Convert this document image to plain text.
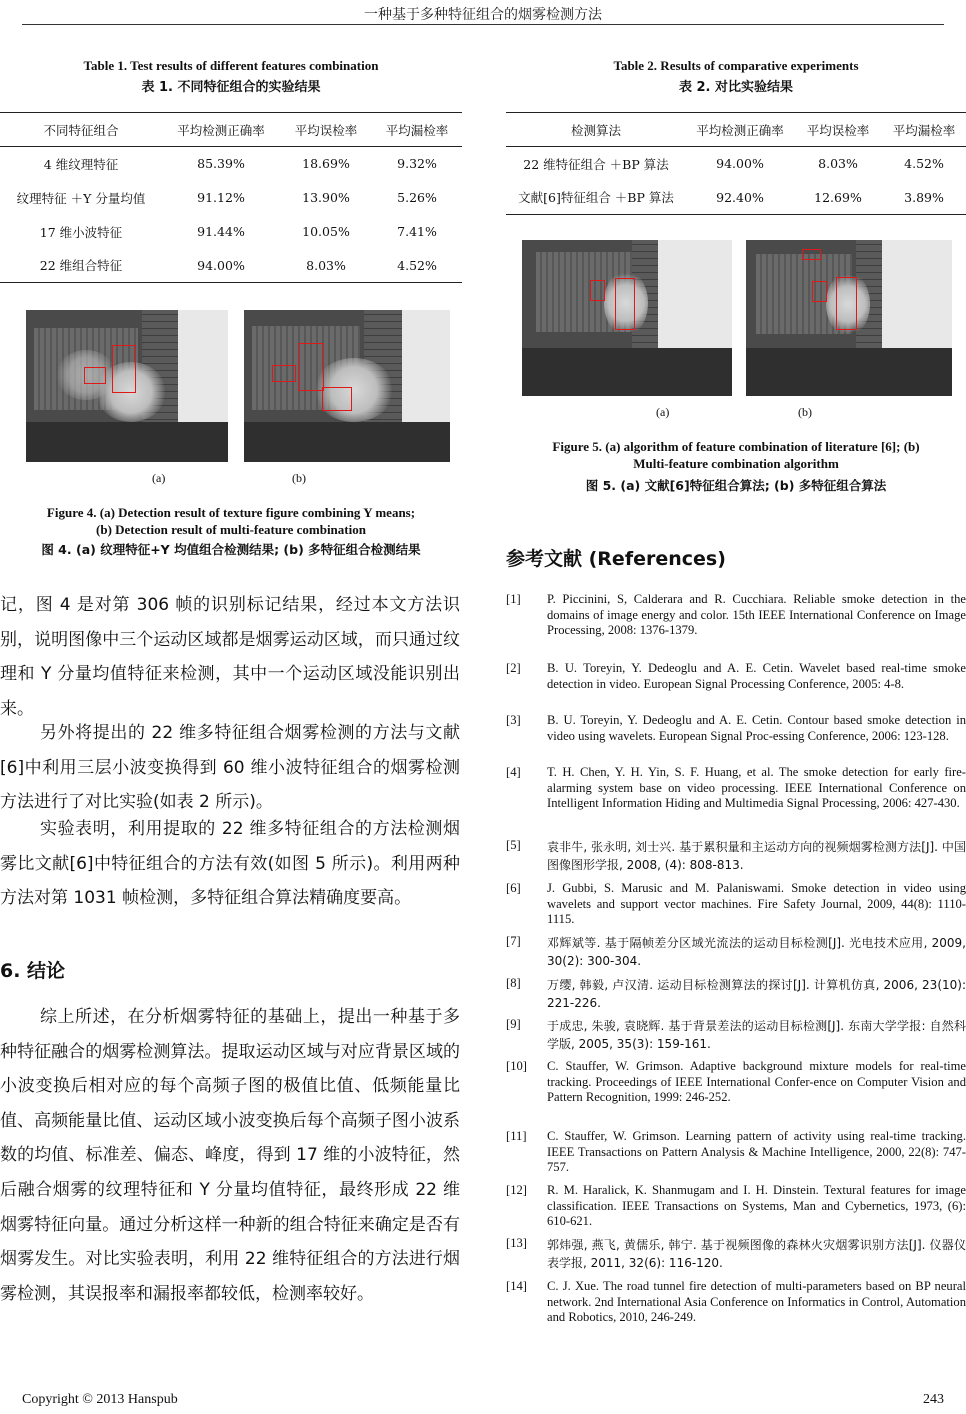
一种基于多种特征组合的烟雾检测方法
Table 1. Test results of different features combination
表 1. 不同特征组合的实验结果
不同特征组合	平均检测正确率	平均误检率	平均漏检率
4 维纹理特征	85.39%	18.69%	9.32%
纹理特征 ＋Y 分量均值	91.12%	13.90%	5.26%
17 维小波特征	91.44%	10.05%	7.41%
22 维组合特征	94.00%	8.03%	4.52%
(a)	(b)
Figure 4. (a) Detection result of texture figure combining Y means;
(b) Detection result of multi-feature combination
图 4. (a) 纹理特征+Y 均值组合检测结果; (b) 多特征组合检测结果
记，图 4 是对第 306 帧的识别标记结果，经过本文方法识别，说明图像中三个运动区域都是烟雾运动区域，而只通过纹理和 Y 分量均值特征来检测，其中一个运动区域没能识别出来。
另外将提出的 22 维多特征组合烟雾检测的方法与文献[6]中利用三层小波变换得到 60 维小波特征组合的烟雾检测方法进行了对比实验(如表 2 所示)。
实验表明，利用提取的 22 维多特征组合的方法检测烟雾比文献[6]中特征组合的方法有效(如图 5 所示)。利用两种方法对第 1031 帧检测，多特征组合算法精确度要高。
6. 结论
综上所述，在分析烟雾特征的基础上，提出一种基于多种特征融合的烟雾检测算法。提取运动区域与对应背景区域的小波变换后相对应的每个高频子图的极值比值、低频能量比值、高频能量比值、运动区域小波变换后每个高频子图小波系数的均值、标准差、偏态、峰度，得到 17 维的小波特征，然后融合烟雾的纹理特征和 Y 分量均值特征，最终形成 22 维烟雾特征向量。通过分析这样一种新的组合特征来确定是否有烟雾发生。对比实验表明，利用 22 维特征组合的方法进行烟雾检测，其误报率和漏报率都较低，检测率较好。
Table 2. Results of comparative experiments
表 2. 对比实验结果
检测算法	平均检测正确率	平均误检率	平均漏检率
22 维特征组合 ＋BP 算法	94.00%	8.03%	4.52%
文献[6]特征组合 ＋BP 算法	92.40%	12.69%	3.89%
(a)	(b)
Figure 5. (a) algorithm of feature combination of literature [6]; (b)
Multi-feature combination algorithm
图 5. (a) 文献[6]特征组合算法; (b) 多特征组合算法
参考文献 (References)
[1]	P. Piccinini, S, Calderara and R. Cucchiara. Reliable smoke detection in the domains of image energy and color. 15th IEEE International Conference on Image Processing, 2008: 1376-1379.
[2]	B. U. Toreyin, Y. Dedeoglu and A. E. Cetin. Wavelet based real-time smoke detection in video. European Signal Processing Conference, 2005: 4-8.
[3]	B. U. Toreyin, Y. Dedeoglu and A. E. Cetin. Contour based smoke detection in video using wavelets. European Signal Proc-essing Conference, 2006: 123-128.
[4]	T. H. Chen, Y. H. Yin, S. F. Huang, et al. The smoke detection for early fire-alarming system base on video processing. IEEE International Conference on Intelligent Information Hiding and Multimedia Signal Processing, 2006: 427-430.
[5]	袁非牛, 张永明, 刘士兴. 基于累积量和主运动方向的视频烟雾检测方法[J]. 中国图像图形学报, 2008, (4): 808-813.
[6]	J. Gubbi, S. Marusic and M. Palaniswami. Smoke detection in video using wavelets and support vector machines. Fire Safety Journal, 2009, 44(8): 1110-1115.
[7]	邓辉斌等. 基于隔帧差分区域光流法的运动目标检测[J]. 光电技术应用, 2009, 30(2): 300-304.
[8]	万缨, 韩毅, 卢汉清. 运动目标检测算法的探讨[J]. 计算机仿真, 2006, 23(10): 221-226.
[9]	于成忠, 朱骏, 袁晓辉. 基于背景差法的运动目标检测[J]. 东南大学学报: 自然科学版, 2005, 35(3): 159-161.
[10]	C. Stauffer, W. Grimson. Adaptive background mixture models for real-time tracking. Proceedings of IEEE International Confer-ence on Computer Vision and Pattern Recognition, 1999: 246-252.
[11]	C. Stauffer, W. Grimson. Learning pattern of activity using real-time tracking. IEEE Transactions on Pattern Analysis & Machine Intelligence, 2000, 22(8): 747-757.
[12]	R. M. Haralick, K. Shanmugam and I. H. Dinstein. Textural features for image classification. IEEE Transactions on Systems, Man and Cybernetics, 1973, (6): 610-621.
[13]	郭炜强, 燕飞, 黄儒乐, 韩宁. 基于视频图像的森林火灾烟雾识别方法[J]. 仪器仪表学报, 2011, 32(6): 116-120.
[14]	C. J. Xue. The road tunnel fire detection of multi-parameters based on BP neural network. 2nd International Asia Conference on Informatics in Control, Automation and Robotics, 2010, 246-249.
Copyright © 2013 Hanspub	243
